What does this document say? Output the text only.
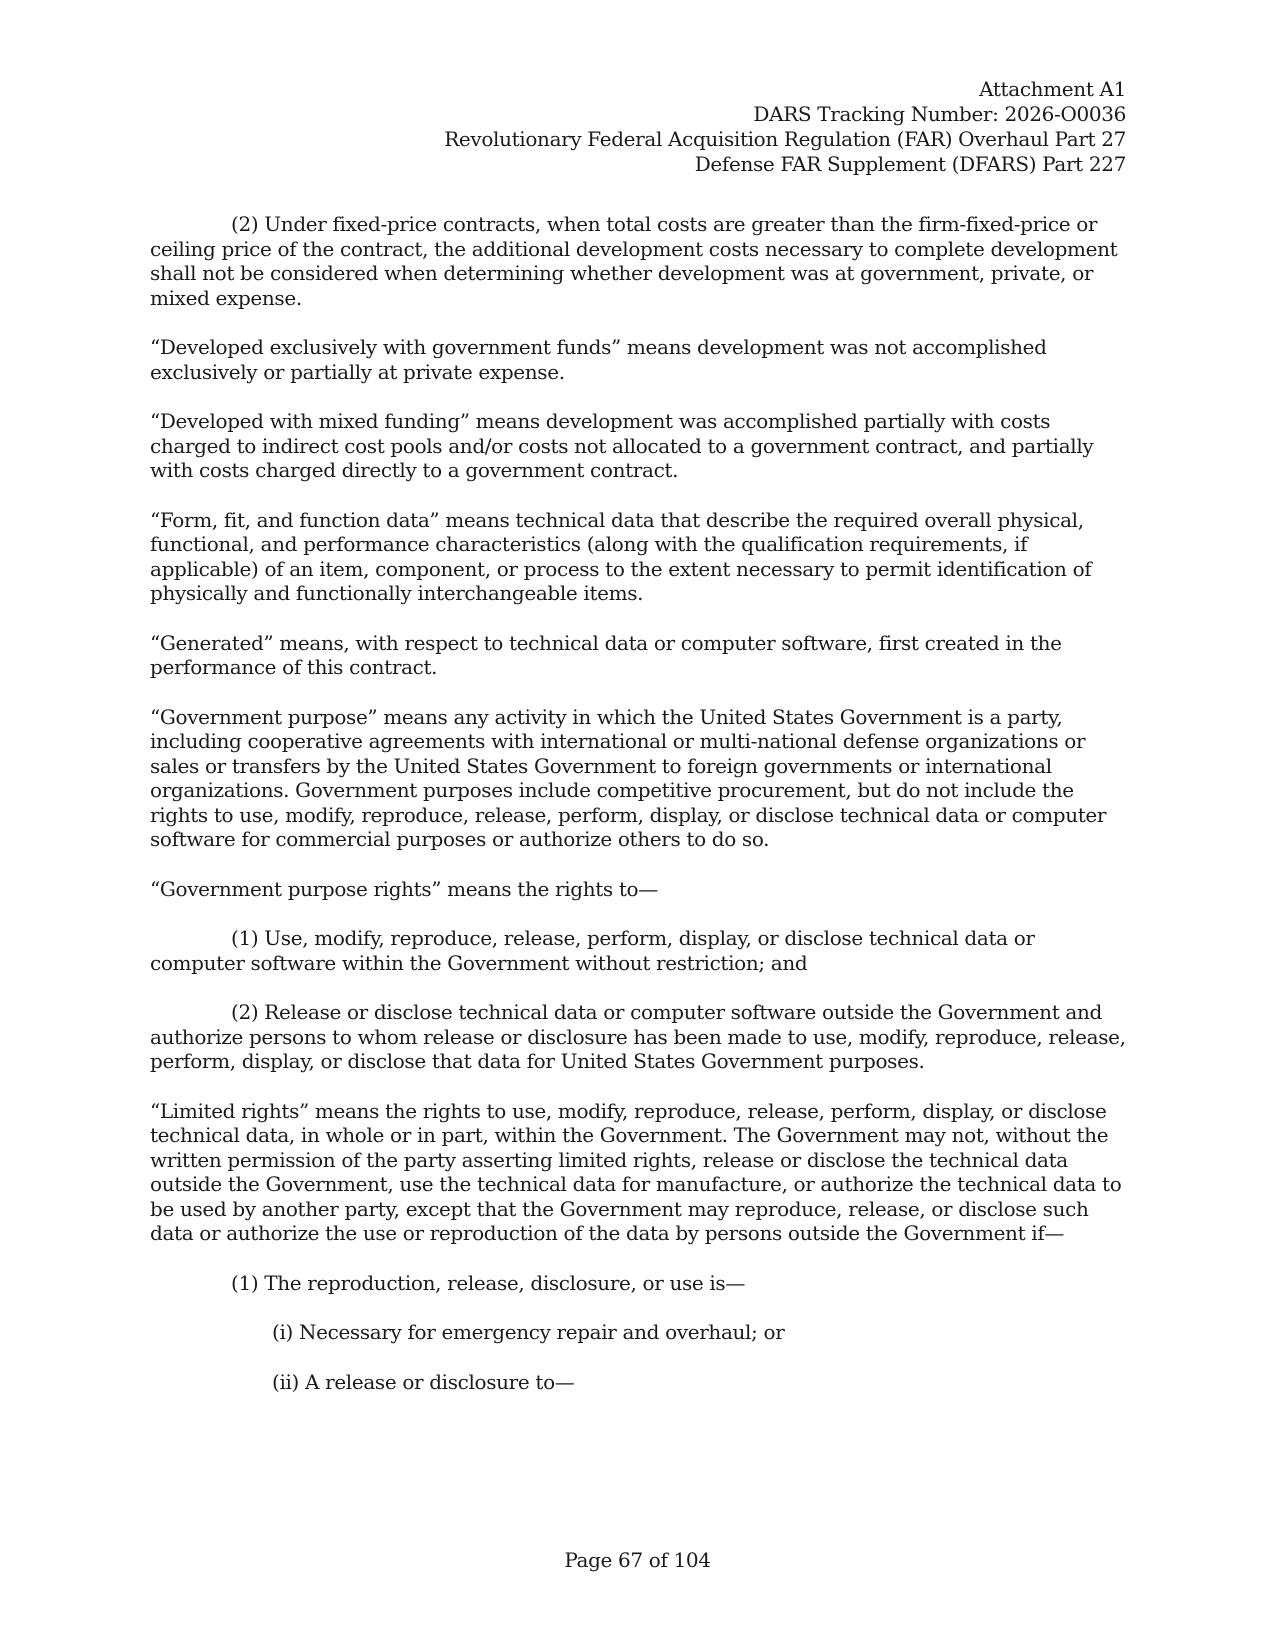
Attachment A1
DARS Tracking Number: 2026-O0036
Revolutionary Federal Acquisition Regulation (FAR) Overhaul Part 27
Defense FAR Supplement (DFARS) Part 227

(2) Under fixed-price contracts, when total costs are greater than the firm-fixed-price or ceiling price of the contract, the additional development costs necessary to complete development shall not be considered when determining whether development was at government, private, or mixed expense.

“Developed exclusively with government funds” means development was not accomplished exclusively or partially at private expense.

“Developed with mixed funding” means development was accomplished partially with costs charged to indirect cost pools and/or costs not allocated to a government contract, and partially with costs charged directly to a government contract.

“Form, fit, and function data” means technical data that describe the required overall physical, functional, and performance characteristics (along with the qualification requirements, if applicable) of an item, component, or process to the extent necessary to permit identification of physically and functionally interchangeable items.

“Generated” means, with respect to technical data or computer software, first created in the performance of this contract.

“Government purpose” means any activity in which the United States Government is a party, including cooperative agreements with international or multi-national defense organizations or sales or transfers by the United States Government to foreign governments or international organizations. Government purposes include competitive procurement, but do not include the rights to use, modify, reproduce, release, perform, display, or disclose technical data or computer software for commercial purposes or authorize others to do so.

“Government purpose rights” means the rights to—

(1) Use, modify, reproduce, release, perform, display, or disclose technical data or computer software within the Government without restriction; and

(2) Release or disclose technical data or computer software outside the Government and authorize persons to whom release or disclosure has been made to use, modify, reproduce, release, perform, display, or disclose that data for United States Government purposes.

“Limited rights” means the rights to use, modify, reproduce, release, perform, display, or disclose technical data, in whole or in part, within the Government. The Government may not, without the written permission of the party asserting limited rights, release or disclose the technical data outside the Government, use the technical data for manufacture, or authorize the technical data to be used by another party, except that the Government may reproduce, release, or disclose such data or authorize the use or reproduction of the data by persons outside the Government if—

(1) The reproduction, release, disclosure, or use is—

(i) Necessary for emergency repair and overhaul; or

(ii) A release or disclosure to—

Page 67 of 104
